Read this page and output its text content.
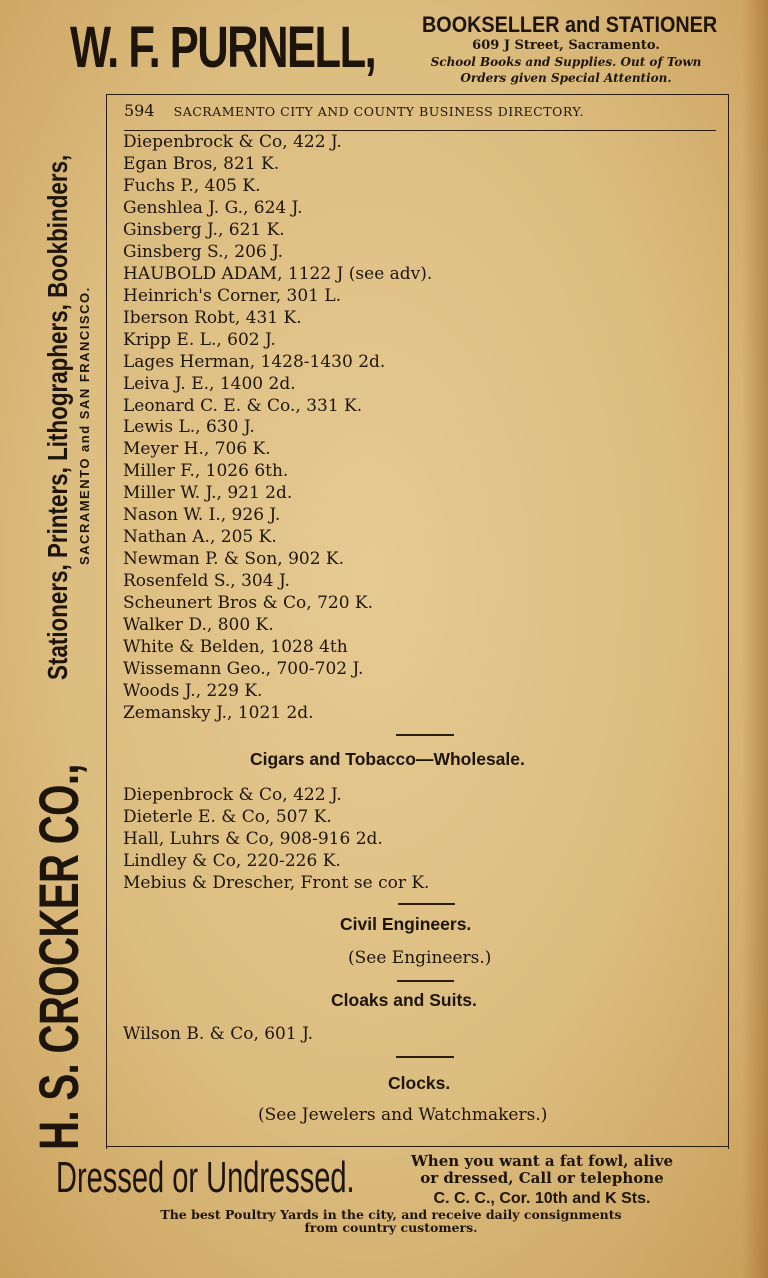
W. F. PURNELL, BOOKSELLER and STATIONER
609 J Street, Sacramento.
School Books and Supplies. Out of Town
Orders given Special Attention.
H. S. CROCKER CO.,
Stationers, Printers, Lithographers, Bookbinders, SACRAMENTO and SAN FRANCISCO.
594 SACRAMENTO CITY AND COUNTY BUSINESS DIRECTORY.
Diepenbrock & Co, 422 J.
Egan Bros, 821 K.
Fuchs P., 405 K.
Genshlea J. G., 624 J.
Ginsberg J., 621 K.
Ginsberg S., 206 J.
HAUBOLD ADAM, 1122 J (see adv).
Heinrich's Corner, 301 L.
Iberson Robt, 431 K.
Kripp E. L., 602 J.
Lages Herman, 1428-1430 2d.
Leiva J. E., 1400 2d.
Leonard C. E. & Co., 331 K.
Lewis L., 630 J.
Meyer H., 706 K.
Miller F., 1026 6th.
Miller W. J., 921 2d.
Nason W. I., 926 J.
Nathan A., 205 K.
Newman P. & Son, 902 K.
Rosenfeld S., 304 J.
Scheunert Bros & Co, 720 K.
Walker D., 800 K.
White & Belden, 1028 4th
Wissemann Geo., 700-702 J.
Woods J., 229 K.
Zemansky J., 1021 2d.
Cigars and Tobacco—Wholesale.
Diepenbrock & Co, 422 J.
Dieterle E. & Co, 507 K.
Hall, Luhrs & Co, 908-916 2d.
Lindley & Co, 220-226 K.
Mebius & Drescher, Front se cor K.
Civil Engineers.
(See Engineers.)
Cloaks and Suits.
Wilson B. & Co, 601 J.
Clocks.
(See Jewelers and Watchmakers.)
Dressed or Undressed.	When you want a fat fowl, alive
or dressed, Call or telephone
C. C. C., Cor. 10th and K Sts.
The best Poultry Yards in the city, and receive daily consignments
from country customers.
